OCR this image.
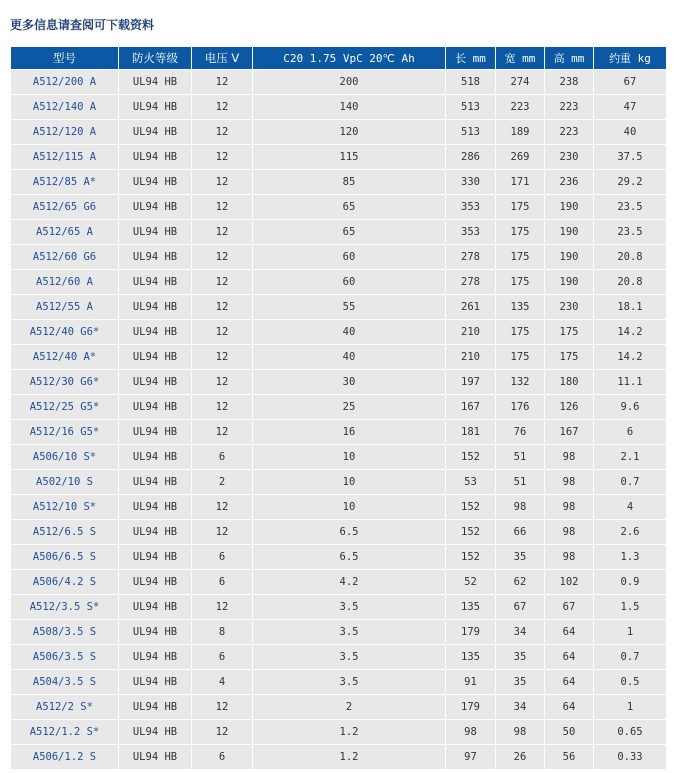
更多信息请查阅可下载资料
型号	防火等级	电压 V	C20 1.75 VpC 20℃ Ah	长 mm	宽 mm	高 mm	约重 kg
A512/200 A	UL94 HB	12	200	518	274	238	67
A512/140 A	UL94 HB	12	140	513	223	223	47
A512/120 A	UL94 HB	12	120	513	189	223	40
A512/115 A	UL94 HB	12	115	286	269	230	37.5
A512/85 A*	UL94 HB	12	85	330	171	236	29.2
A512/65 G6	UL94 HB	12	65	353	175	190	23.5
A512/65 A	UL94 HB	12	65	353	175	190	23.5
A512/60 G6	UL94 HB	12	60	278	175	190	20.8
A512/60 A	UL94 HB	12	60	278	175	190	20.8
A512/55 A	UL94 HB	12	55	261	135	230	18.1
A512/40 G6*	UL94 HB	12	40	210	175	175	14.2
A512/40 A*	UL94 HB	12	40	210	175	175	14.2
A512/30 G6*	UL94 HB	12	30	197	132	180	11.1
A512/25 G5*	UL94 HB	12	25	167	176	126	9.6
A512/16 G5*	UL94 HB	12	16	181	76	167	6
A506/10 S*	UL94 HB	6	10	152	51	98	2.1
A502/10 S	UL94 HB	2	10	53	51	98	0.7
A512/10 S*	UL94 HB	12	10	152	98	98	4
A512/6.5 S	UL94 HB	12	6.5	152	66	98	2.6
A506/6.5 S	UL94 HB	6	6.5	152	35	98	1.3
A506/4.2 S	UL94 HB	6	4.2	52	62	102	0.9
A512/3.5 S*	UL94 HB	12	3.5	135	67	67	1.5
A508/3.5 S	UL94 HB	8	3.5	179	34	64	1
A506/3.5 S	UL94 HB	6	3.5	135	35	64	0.7
A504/3.5 S	UL94 HB	4	3.5	91	35	64	0.5
A512/2 S*	UL94 HB	12	2	179	34	64	1
A512/1.2 S*	UL94 HB	12	1.2	98	98	50	0.65
A506/1.2 S	UL94 HB	6	1.2	97	26	56	0.33
